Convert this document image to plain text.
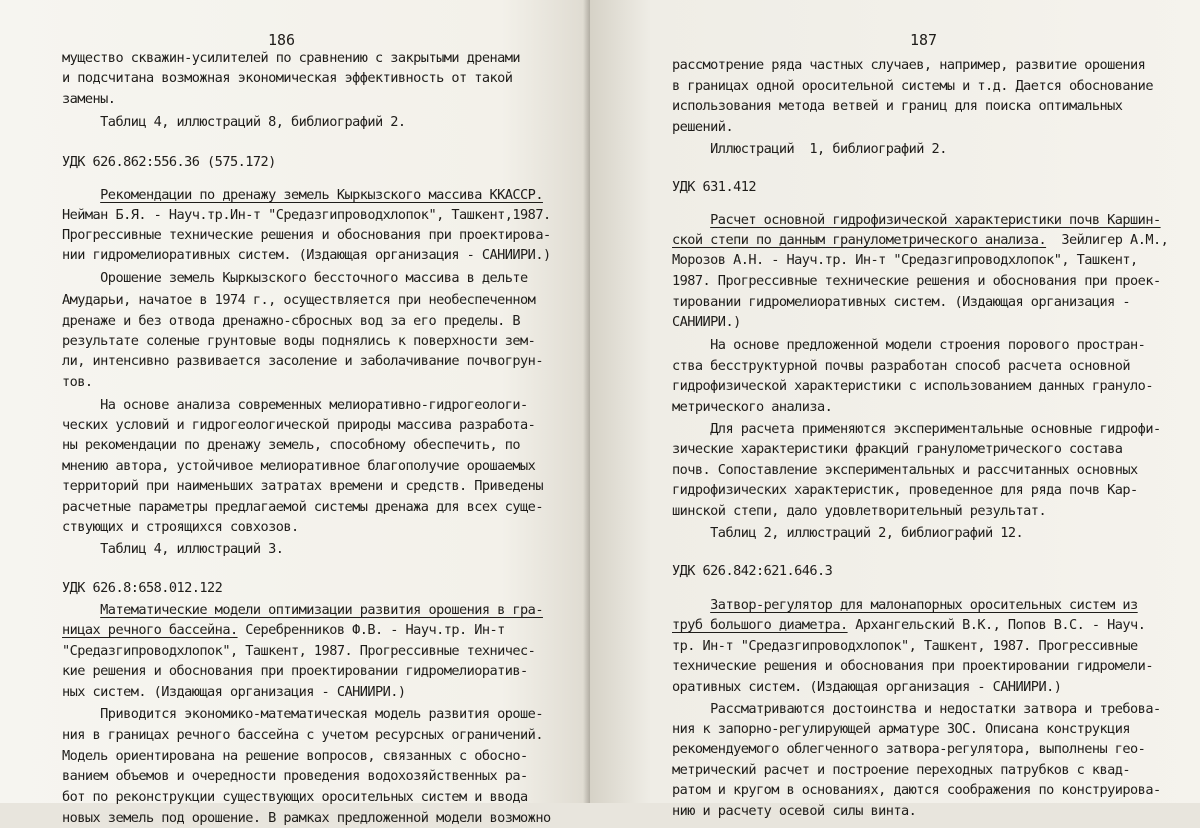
186
мущество скважин-усилителей по сравнению с закрытыми дренами
и подсчитана возможная экономическая эффективность от такой
замены.
Таблиц 4, иллюстраций 8, библиографий 2.
УДК 626.862:556.36 (575.172)
Рекомендации по дренажу земель Кыркызского массива ККАССР.
Нейман Б.Я. - Науч.тр.Ин-т "Средазгипроводхлопок", Ташкент,1987.
Прогрессивные технические решения и обоснования при проектирова-
нии гидромелиоративных систем. (Издающая организация - САНИИРИ.)
Орошение земель Кыркызского бессточного массива в дельте
Амударьи, начатое в 1974 г., осуществляется при необеспеченном
дренаже и без отвода дренажно-сбросных вод за его пределы. В
результате соленые грунтовые воды поднялись к поверхности зем-
ли, интенсивно развивается засоление и заболачивание почвогрун-
тов.
На основе анализа современных мелиоративно-гидрогеологи-
ческих условий и гидрогеологической природы массива разработа-
ны рекомендации по дренажу земель, способному обеспечить, по
мнению автора, устойчивое мелиоративное благополучие орошаемых
территорий при наименьших затратах времени и средств. Приведены
расчетные параметры предлагаемой системы дренажа для всех суще-
ствующих и строящихся совхозов.
Таблиц 4, иллюстраций 3.
УДК 626.8:658.012.122
Математические модели оптимизации развития орошения в гра-
ницах речного бассейна. Серебренников Ф.В. - Науч.тр. Ин-т
"Средазгипроводхлопок", Ташкент, 1987. Прогрессивные техничес-
кие решения и обоснования при проектировании гидромелиоратив-
ных систем. (Издающая организация - САНИИРИ.)
Приводится экономико-математическая модель развития ороше-
ния в границах речного бассейна с учетом ресурсных ограничений.
Модель ориентирована на решение вопросов, связанных с обосно-
ванием объемов и очередности проведения водохозяйственных ра-
бот по реконструкции существующих оросительных систем и ввода
новых земель под орошение. В рамках предложенной модели возможно
187
рассмотрение ряда частных случаев, например, развитие орошения
в границах одной оросительной системы и т.д. Дается обоснование
использования метода ветвей и границ для поиска оптимальных
решений.
Иллюстраций  1, библиографий 2.
УДК 631.412
Расчет основной гидрофизической характеристики почв Каршин-
ской степи по данным гранулометрического анализа.  Зейлигер А.М.,
Морозов А.Н. - Науч.тр. Ин-т "Средазгипроводхлопок", Ташкент,
1987. Прогрессивные технические решения и обоснования при проек-
тировании гидромелиоративных систем. (Издающая организация -
САНИИРИ.)
На основе предложенной модели строения порового простран-
ства бесструктурной почвы разработан способ расчета основной
гидрофизической характеристики с использованием данных грануло-
метрического анализа.
Для расчета применяются экспериментальные основные гидрофи-
зические характеристики фракций гранулометрического состава
почв. Сопоставление экспериментальных и рассчитанных основных
гидрофизических характеристик, проведенное для ряда почв Кар-
шинской степи, дало удовлетворительный результат.
Таблиц 2, иллюстраций 2, библиографий 12.
УДК 626.842:621.646.3
Затвор-регулятор для малонапорных оросительных систем из
труб большого диаметра. Архангельский В.К., Попов В.С. - Науч.
тр. Ин-т "Средазгипроводхлопок", Ташкент, 1987. Прогрессивные
технические решения и обоснования при проектировании гидромели-
оративных систем. (Издающая организация - САНИИРИ.)
Рассматриваются достоинства и недостатки затвора и требова-
ния к запорно-регулирующей арматуре ЗОС. Описана конструкция
рекомендуемого облегченного затвора-регулятора, выполнены гео-
метрический расчет и построение переходных патрубков с квад-
ратом и кругом в основаниях, даются соображения по конструирова-
нию и расчету осевой силы винта.
